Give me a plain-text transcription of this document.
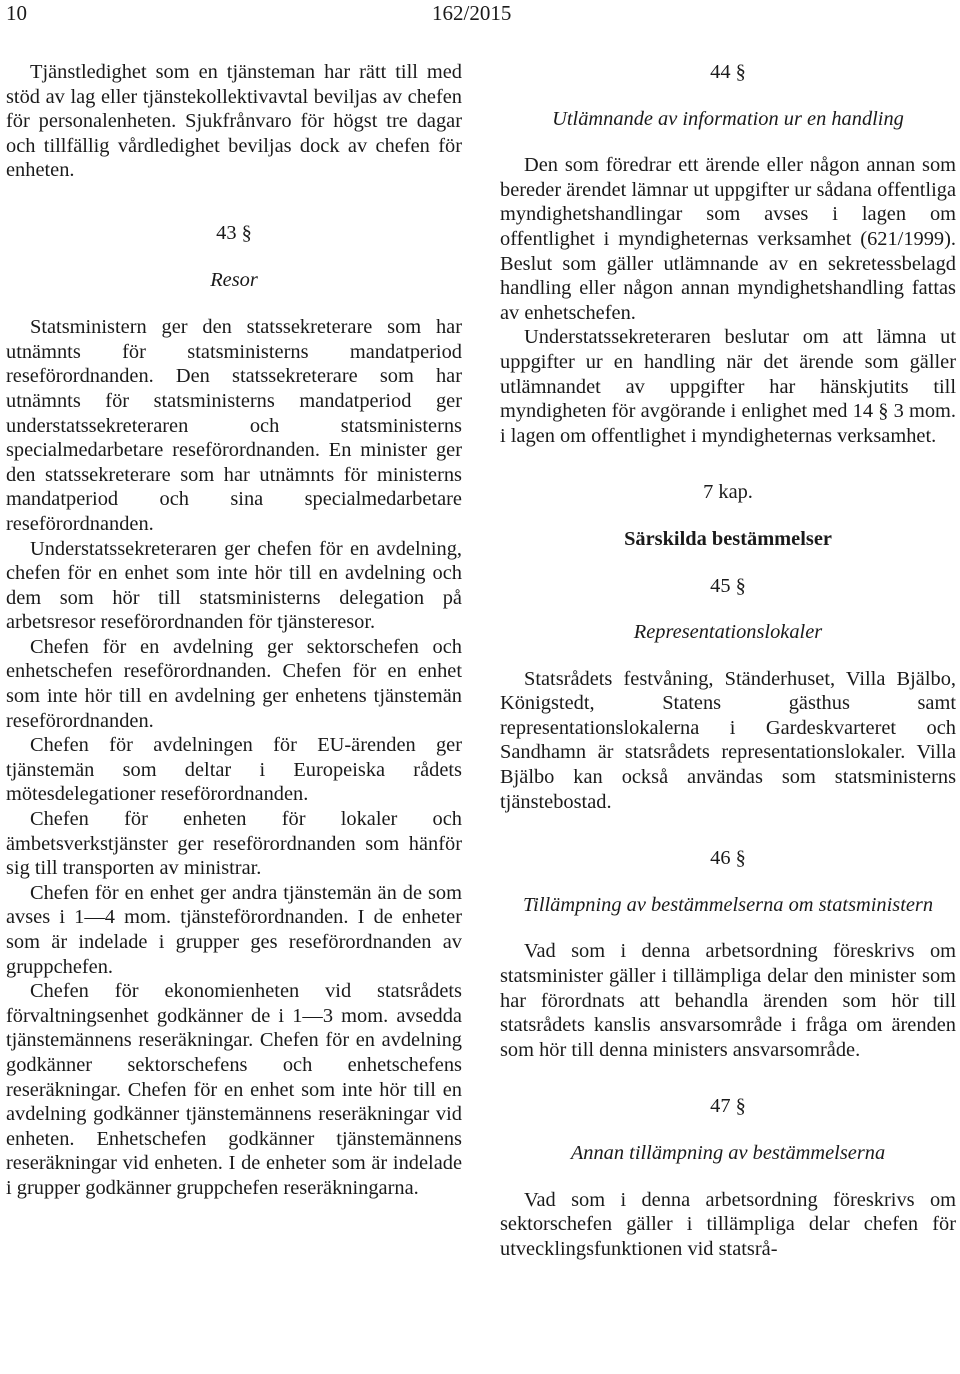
10	162/2015

Tjänstledighet som en tjänsteman har rätt till med stöd av lag eller tjänstekollektivavtal beviljas av chefen för personalenheten. Sjukfrånvaro för högst tre dagar och tillfällig vårdledighet beviljas dock av chefen för enheten.

43 §

Resor

Statsministern ger den statssekreterare som har utnämnts för statsministerns mandatperiod reseförordnanden. Den statssekreterare som har utnämnts för statsministerns mandatperiod ger understatssekreteraren och statsministerns specialmedarbetare reseförordnanden. En minister ger den statssekreterare som har utnämnts för ministerns mandatperiod och sina specialmedarbetare reseförordnanden.

Understatssekreteraren ger chefen för en avdelning, chefen för en enhet som inte hör till en avdelning och dem som hör till statsministerns delegation på arbetsresor reseförordnanden för tjänsteresor.

Chefen för en avdelning ger sektorschefen och enhetschefen reseförordnanden. Chefen för en enhet som inte hör till en avdelning ger enhetens tjänstemän reseförordnanden.

Chefen för avdelningen för EU-ärenden ger tjänstemän som deltar i Europeiska rådets mötesdelegationer reseförordnanden.

Chefen för enheten för lokaler och ämbetsverkstjänster ger reseförordnanden som hänför sig till transporten av ministrar.

Chefen för en enhet ger andra tjänstemän än de som avses i 1—4 mom. tjänsteförordnanden. I de enheter som är indelade i grupper ges reseförordnanden av gruppchefen.

Chefen för ekonomienheten vid statsrådets förvaltningsenhet godkänner de i 1—3 mom. avsedda tjänstemännens reseräkningar. Chefen för en avdelning godkänner sektorschefens och enhetschefens reseräkningar. Chefen för en enhet som inte hör till en avdelning godkänner tjänstemännens reseräkningar vid enheten. Enhetschefen godkänner tjänstemännens reseräkningar vid enheten. I de enheter som är indelade i grupper godkänner gruppchefen reseräkningarna.

44 §

Utlämnande av information ur en handling

Den som föredrar ett ärende eller någon annan som bereder ärendet lämnar ut uppgifter ur sådana offentliga myndighetshandlingar som avses i lagen om offentlighet i myndigheternas verksamhet (621/1999). Beslut som gäller utlämnande av en sekretessbelagd handling eller någon annan myndighetshandling fattas av enhetschefen.

Understatssekreteraren beslutar om att lämna ut uppgifter ur en handling när det ärende som gäller utlämnandet av uppgifter har hänskjutits till myndigheten för avgörande i enlighet med 14 § 3 mom. i lagen om offentlighet i myndigheternas verksamhet.

7 kap.

Särskilda bestämmelser

45 §

Representationslokaler

Statsrådets festvåning, Ständerhuset, Villa Bjälbo, Königstedt, Statens gästhus samt representationslokalerna i Gardeskvarteret och Sandhamn är statsrådets representationslokaler. Villa Bjälbo kan också användas som statsministerns tjänstebostad.

46 §

Tillämpning av bestämmelserna om statsministern

Vad som i denna arbetsordning föreskrivs om statsminister gäller i tillämpliga delar den minister som har förordnats att behandla ärenden som hör till statsrådets kanslis ansvarsområde i fråga om ärenden som hör till denna ministers ansvarsområde.

47 §

Annan tillämpning av bestämmelserna

Vad som i denna arbetsordning föreskrivs om sektorschefen gäller i tillämpliga delar chefen för utvecklingsfunktionen vid statsrå-
